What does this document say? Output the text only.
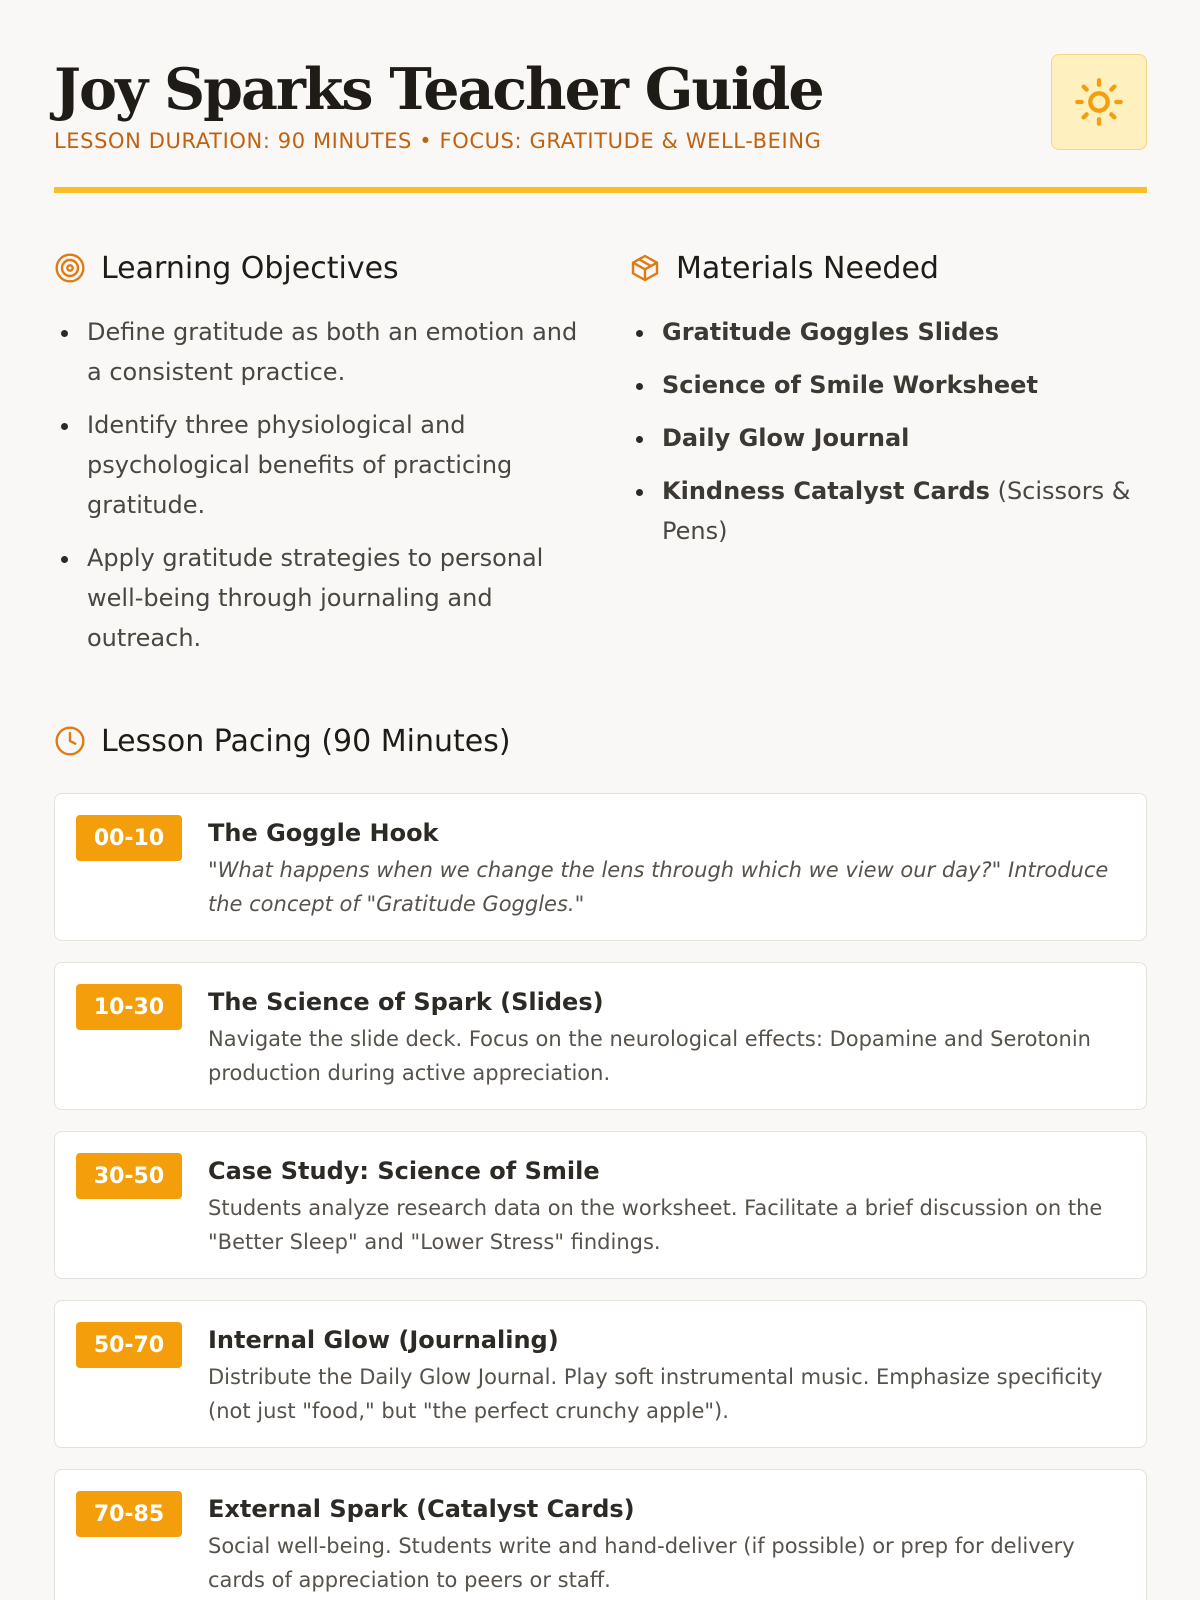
Joy Sparks Teacher Guide
LESSON DURATION: 90 MINUTES • FOCUS: GRATITUDE & WELL-BEING
Learning Objectives
Define gratitude as both an emotion and a consistent practice.
Identify three physiological and psychological benefits of practicing gratitude.
Apply gratitude strategies to personal well-being through journaling and outreach.
Materials Needed
Gratitude Goggles Slides
Science of Smile Worksheet
Daily Glow Journal
Kindness Catalyst Cards (Scissors & Pens)
Lesson Pacing (90 Minutes)
00-10	The Goggle Hook
"What happens when we change the lens through which we view our day?" Introduce the concept of "Gratitude Goggles."
10-30	The Science of Spark (Slides)
Navigate the slide deck. Focus on the neurological effects: Dopamine and Serotonin production during active appreciation.
30-50	Case Study: Science of Smile
Students analyze research data on the worksheet. Facilitate a brief discussion on the "Better Sleep" and "Lower Stress" findings.
50-70	Internal Glow (Journaling)
Distribute the Daily Glow Journal. Play soft instrumental music. Emphasize specificity (not just "food," but "the perfect crunchy apple").
70-85	External Spark (Catalyst Cards)
Social well-being. Students write and hand-deliver (if possible) or prep for delivery cards of appreciation to peers or staff.
